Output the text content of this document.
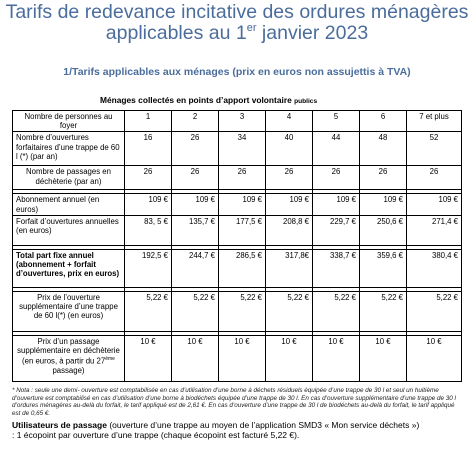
Tarifs de redevance incitative des ordures ménagères
applicables au 1er janvier 2023
1/Tarifs applicables aux ménages (prix en euros non assujettis à TVA)
Ménages collectés en points d’apport volontaire publics
Nombre de personnes au foyer	1	2	3	4	5	6	7 et plus
Nombre d’ouvertures forfaitaires d’une trappe de 60 l (*) (par an)	16	26	34	40	44	48	52
Nombre de passages en déchèterie (par an)	26	26	26	26	26	26	26

Abonnement annuel (en euros)	109 €	109 €	109 €	109 €	109 €	109 €	109 €
Forfait d’ouvertures annuelles (en euros)	83, 5 €	135,7 €	177,5 €	208,8 €	229,7 €	250,6 €	271,4 €

Total part fixe annuel (abonnement + forfait d’ouvertures, prix en euros)	192,5 €	244,7 €	286,5 €	317,8€	338,7 €	359,6 €	380,4 €

Prix de l’ouverture supplémentaire d’une trappe de 60 l(*) (en euros)	5,22 €	5,22 €	5,22 €	5,22 €	5,22 €	5,22 €	5,22 €

Prix d’un passage supplémentaire en déchèterie (en euros, à partir du 27ème passage)	10 €	10 €	10 €	10 €	10 €	10 €	10 €
* Nota : seule une demi- ouverture est comptabilisée en cas d’utilisation d’une borne à déchets résiduels équipée d’une trappe de 30 l et seul un huitième d’ouverture est comptabilisé en cas d’utilisation d’une borne à biodéchets équipée d’une trappe de 30 l. En cas d’ouverture supplémentaire d’une trappe de 30 l d’ordures ménagères au-delà du forfait, le tarif appliqué est de 2,61 €. En cas d’ouverture d’une trappe de 30 l de biodéchets au-delà du forfait, le tarif appliqué est de 0,65 €.
Utilisateurs de passage (ouverture d’une trappe au moyen de l’application SMD3 « Mon service déchets »)
: 1 écopoint par ouverture d’une trappe (chaque écopoint est facturé 5,22 €).
